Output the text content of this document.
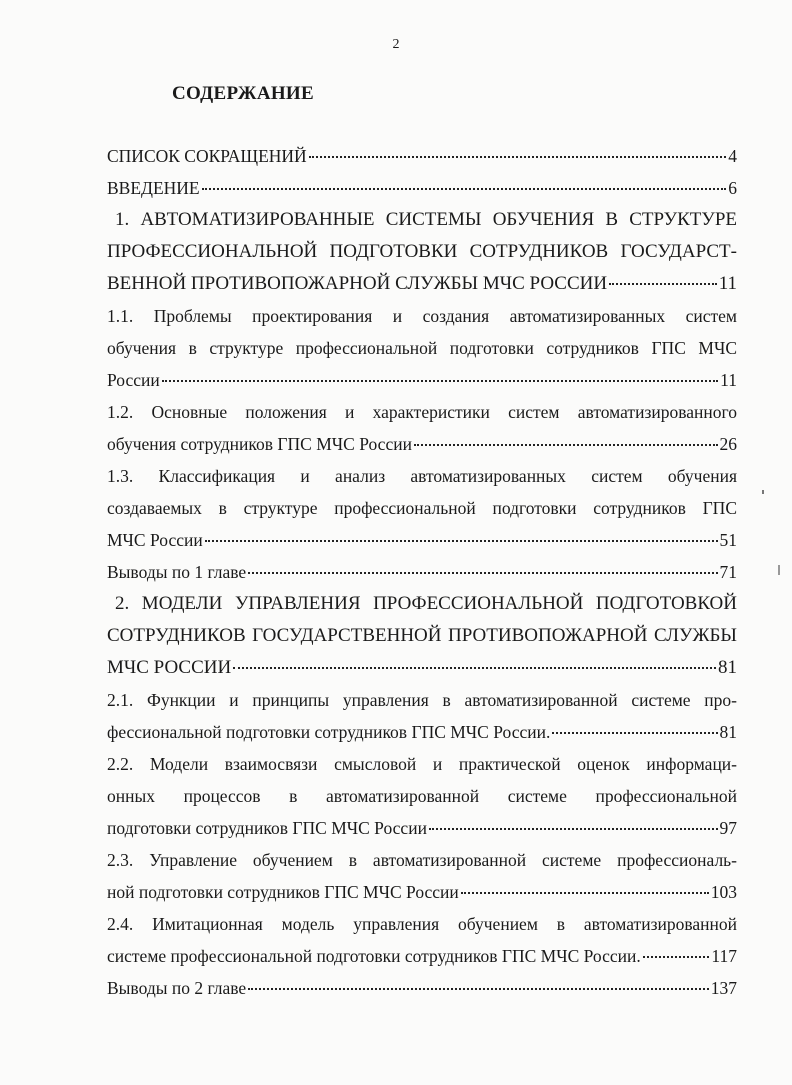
2
СОДЕРЖАНИЕ
СПИСОК СОКРАЩЕНИЙ	4
ВВЕДЕНИЕ	6
1. АВТОМАТИЗИРОВАННЫЕ СИСТЕМЫ ОБУЧЕНИЯ В СТРУКТУРЕ
ПРОФЕССИОНАЛЬНОЙ ПОДГОТОВКИ СОТРУДНИКОВ ГОСУДАРСТ-
ВЕННОЙ ПРОТИВОПОЖАРНОЙ СЛУЖБЫ МЧС РОССИИ	11
1.1. Проблемы проектирования и создания автоматизированных систем
обучения в структуре профессиональной подготовки сотрудников ГПС МЧС
России	11
1.2. Основные положения и характеристики систем автоматизированного
обучения сотрудников ГПС МЧС России	26
1.3. Классификация и анализ автоматизированных систем обучения
создаваемых в структуре профессиональной подготовки сотрудников ГПС
МЧС России	51
Выводы по 1 главе	71
2. МОДЕЛИ УПРАВЛЕНИЯ ПРОФЕССИОНАЛЬНОЙ ПОДГОТОВКОЙ
СОТРУДНИКОВ ГОСУДАРСТВЕННОЙ ПРОТИВОПОЖАРНОЙ СЛУЖБЫ
МЧС РОССИИ	81
2.1. Функции и принципы управления в автоматизированной системе про-
фессиональной подготовки сотрудников ГПС МЧС России.	81
2.2. Модели взаимосвязи смысловой и практической оценок информаци-
онных процессов в автоматизированной системе профессиональной
подготовки сотрудников ГПС МЧС России	97
2.3. Управление обучением в автоматизированной системе профессиональ-
ной подготовки сотрудников ГПС МЧС России	103
2.4. Имитационная модель управления обучением в автоматизированной
системе профессиональной подготовки сотрудников ГПС МЧС России.	117
Выводы по 2 главе	137
